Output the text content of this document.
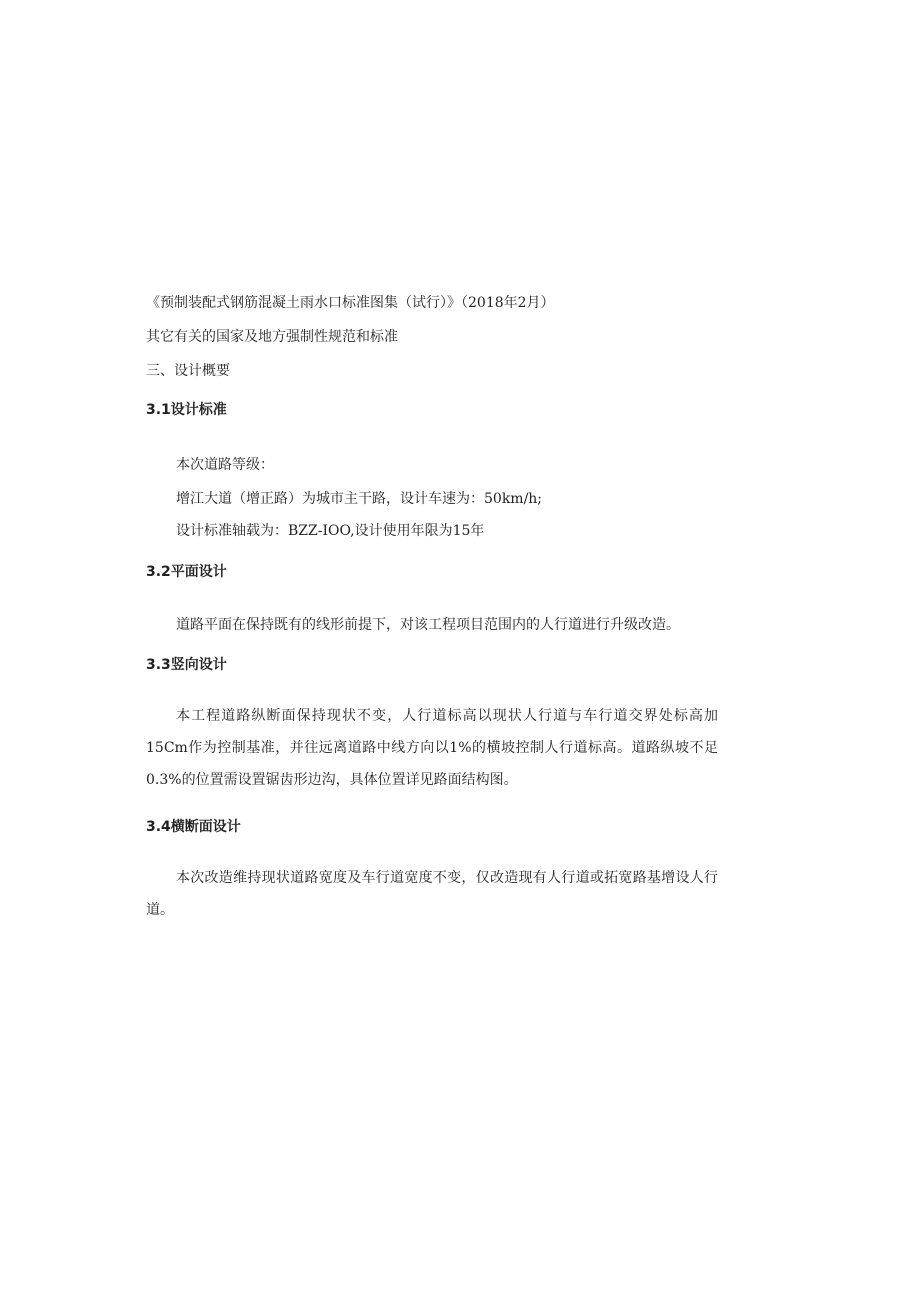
《预制装配式钢筋混凝土雨水口标准图集（试行）》（2018年2月）
其它有关的国家及地方强制性规范和标准
三、设计概要
3.1设计标准
本次道路等级：
增江大道（增正路）为城市主干路，设计车速为：50km∕h;
设计标准轴载为：BZZ-IOO,设计使用年限为15年
3.2平面设计
道路平面在保持既有的线形前提下，对该工程项目范围内的人行道进行升级改造。
3.3竖向设计
本工程道路纵断面保持现状不变，人行道标高以现状人行道与车行道交界处标高加15Cm作为控制基准，并往远离道路中线方向以1%的横坡控制人行道标高。道路纵坡不足0.3%的位置需设置锯齿形边沟，具体位置详见路面结构图。
3.4横断面设计
本次改造维持现状道路宽度及车行道宽度不变，仅改造现有人行道或拓宽路基增设人行道。
